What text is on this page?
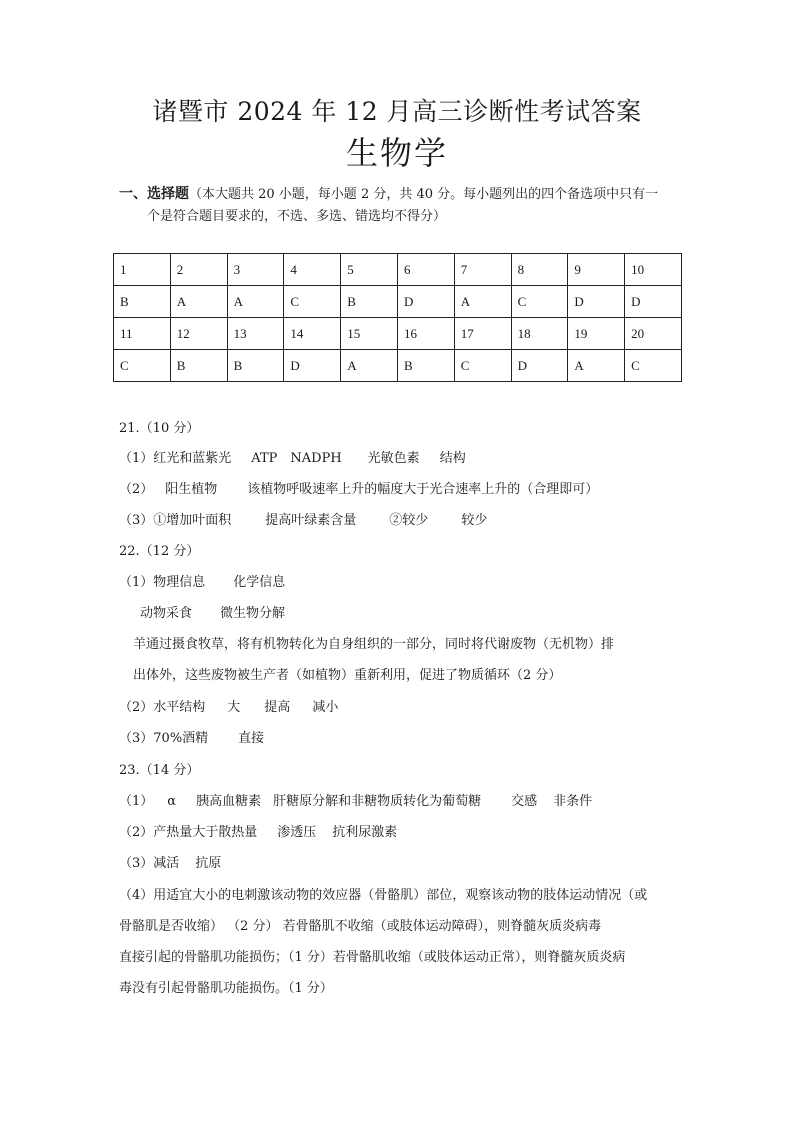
诸暨市 2024 年 12 月高三诊断性考试答案
生物学
一、选择题（本大题共 20 小题，每小题 2 分，共 40 分。每小题列出的四个备选项中只有一
个是符合题目要求的，不选、多选、错选均不得分）
1	2	3	4	5	6	7	8	9	10
B	A	A	C	B	D	A	C	D	D
11	12	13	14	15	16	17	18	19	20
C	B	B	D	A	B	C	D	A	C
21.（10 分）
（1）红光和蓝紫光 ATP NADPH 光敏色素 结构
（2） 阳生植物 该植物呼吸速率上升的幅度大于光合速率上升的（合理即可）
（3）①增加叶面积	提高叶绿素含量	②较少	较少
22.（12 分）
（1）物理信息 化学信息
动物采食 微生物分解
羊通过摄食牧草，将有机物转化为自身组织的一部分，同时将代谢废物（无机物）排
出体外，这些废物被生产者（如植物）重新利用，促进了物质循环（2 分）
（2）水平结构 大 提高 减小
（3）70%酒精 直接
23.（14 分）
（1） α 胰高血糖素 肝糖原分解和非糖物质转化为葡萄糖 交感 非条件
（2）产热量大于散热量 渗透压 抗利尿激素
（3）减活 抗原
（4）用适宜大小的电刺激该动物的效应器（骨骼肌）部位，观察该动物的肢体运动情况（或
骨骼肌是否收缩） （2 分） 若骨骼肌不收缩（或肢体运动障碍），则脊髓灰质炎病毒
直接引起的骨骼肌功能损伤；（1 分）若骨骼肌收缩（或肢体运动正常），则脊髓灰质炎病
毒没有引起骨骼肌功能损伤。（1 分）
